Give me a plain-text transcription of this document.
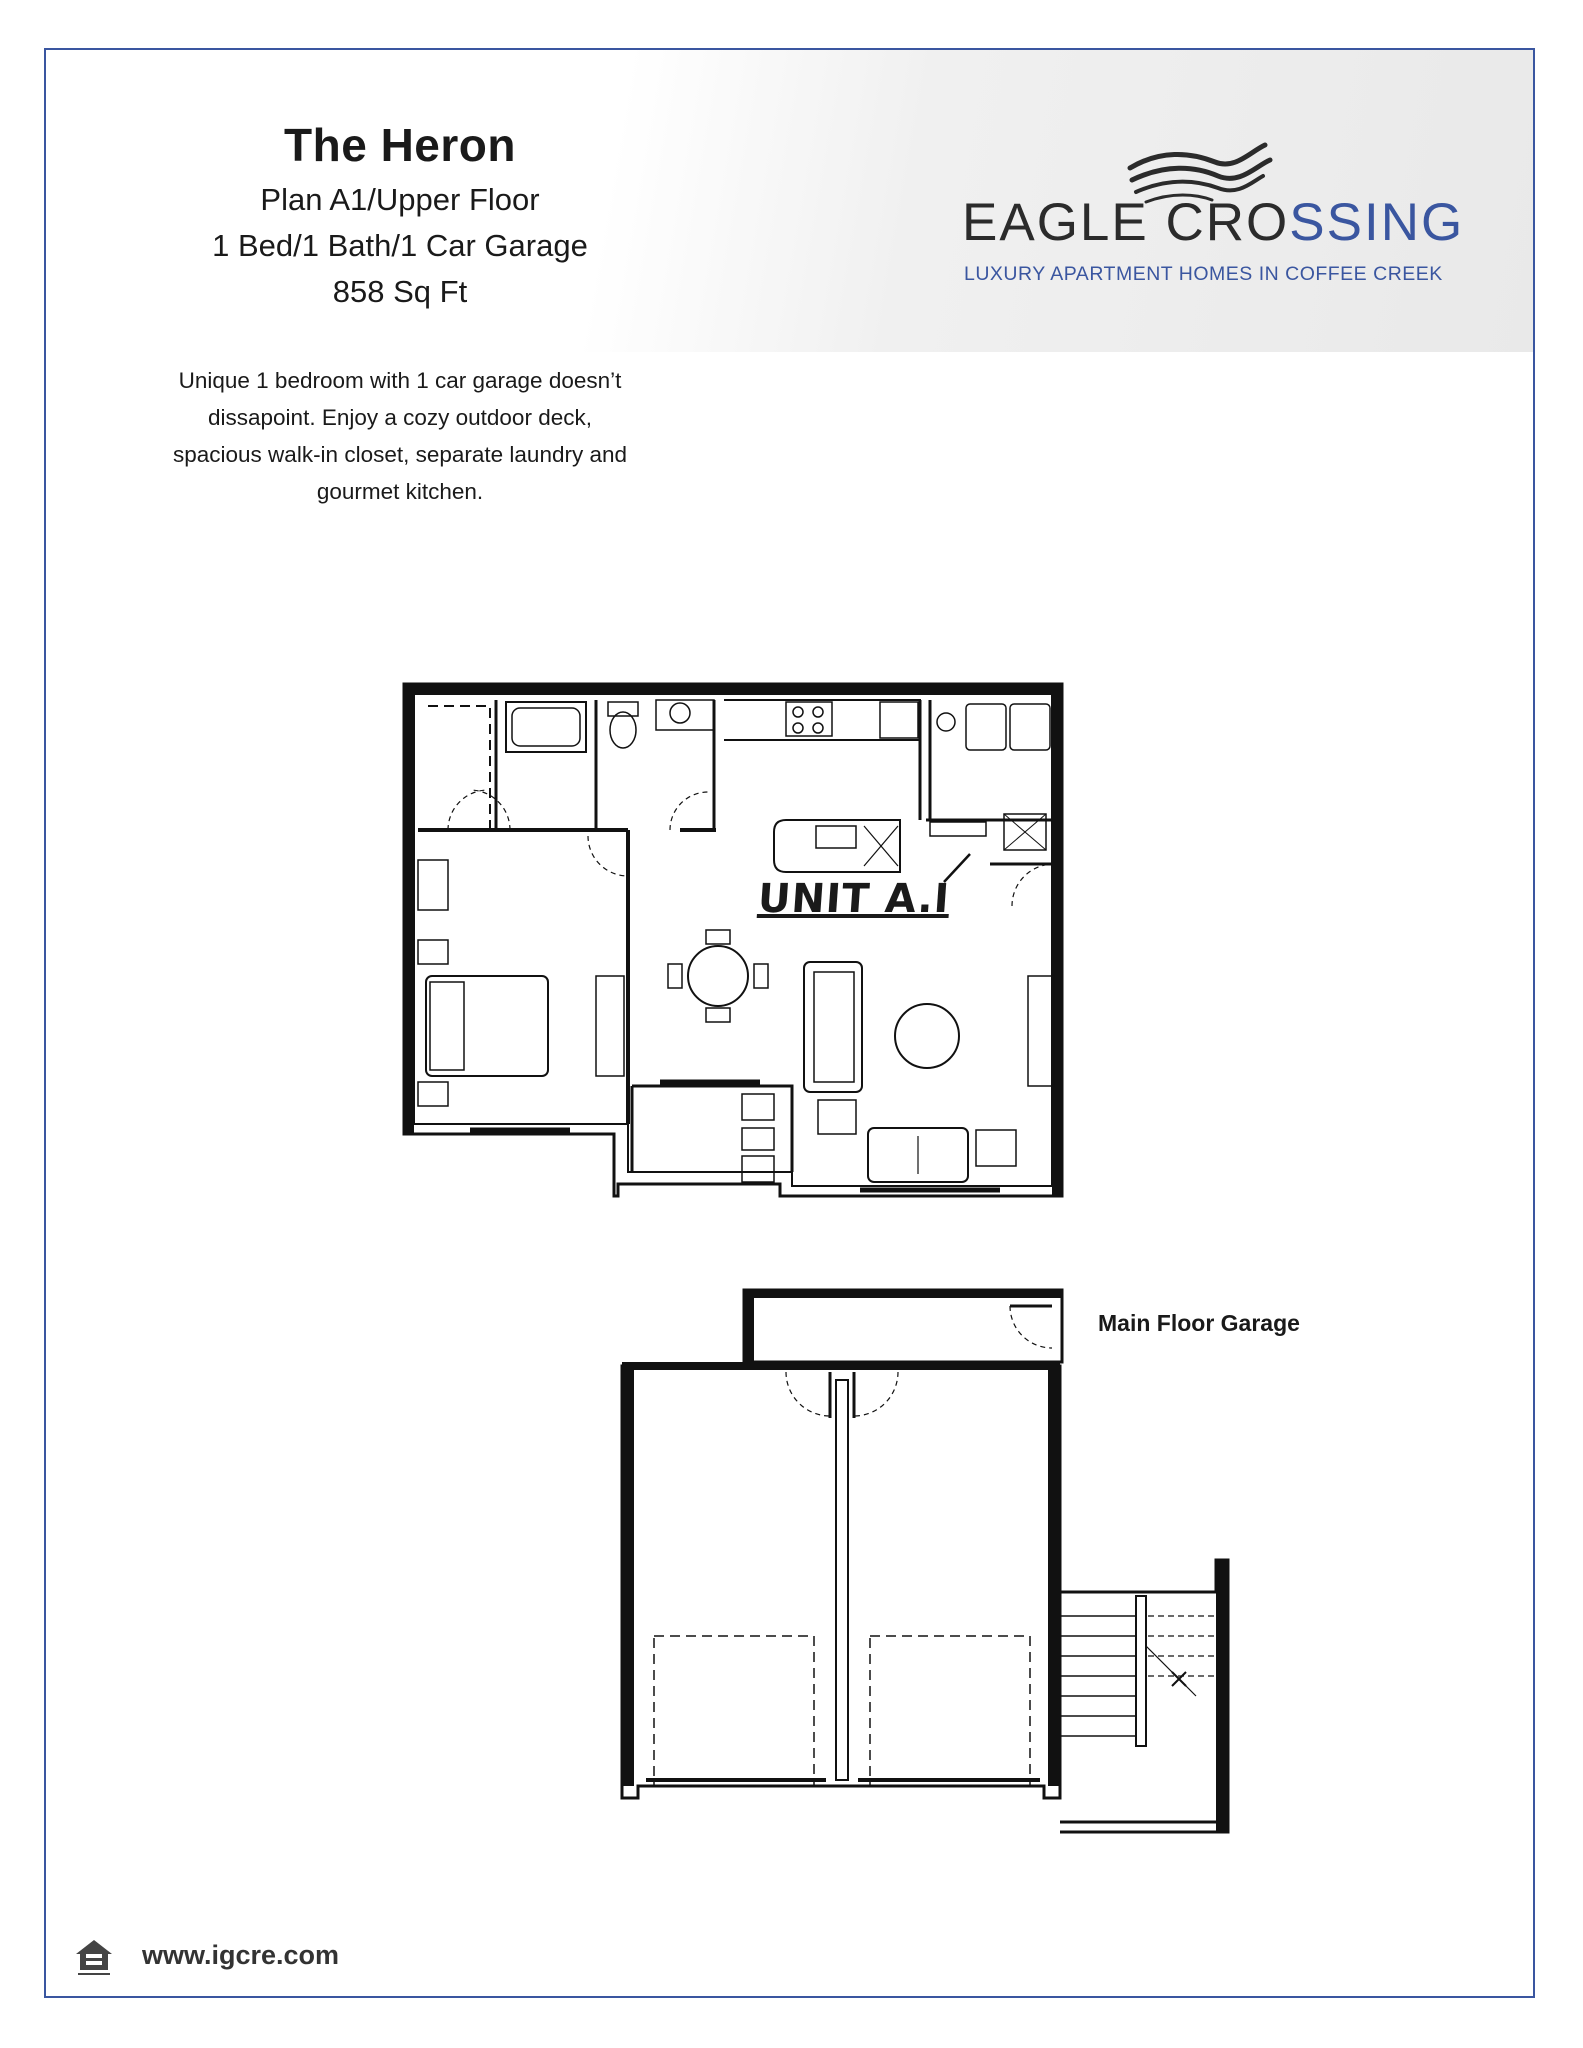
The Heron
Plan A1/Upper Floor
1 Bed/1 Bath/1 Car Garage
858 Sq Ft
Unique 1 bedroom with 1 car garage doesn’t dissapoint. Enjoy a cozy outdoor deck, spacious walk-in closet, separate laundry and gourmet kitchen.
EAGLE CROSSING
LUXURY APARTMENT HOMES IN COFFEE CREEK
UNIT A.I
Main Floor Garage
www.igcre.com
